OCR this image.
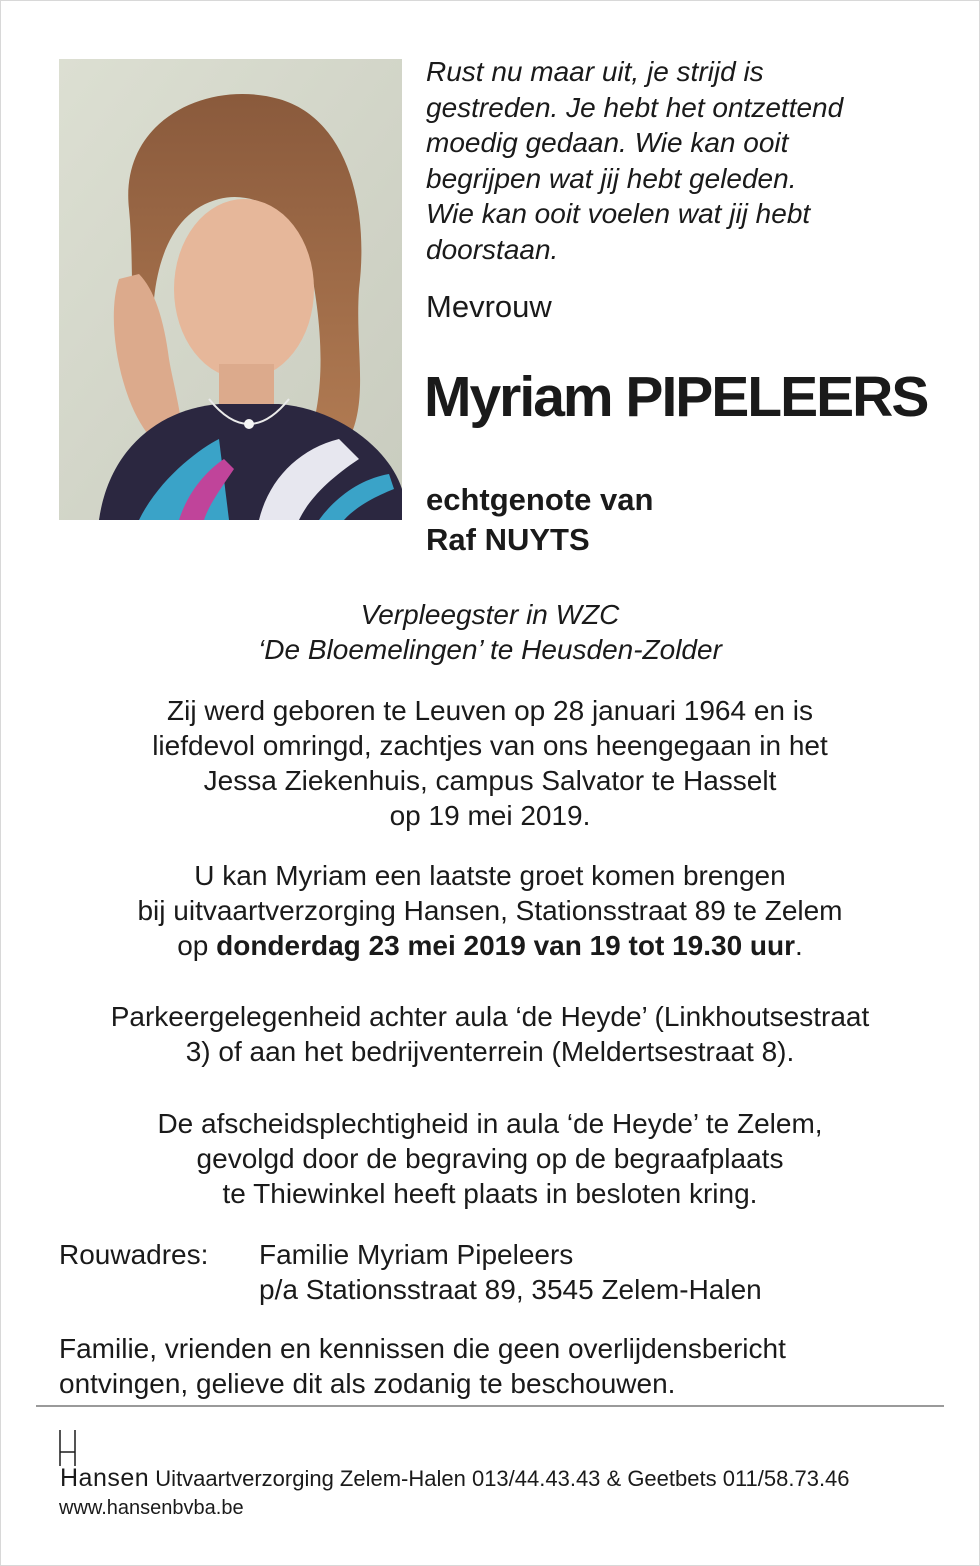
Rust nu maar uit, je strijd is
gestreden. Je hebt het ontzettend
moedig gedaan. Wie kan ooit
begrijpen wat jij hebt geleden.
Wie kan ooit voelen wat jij hebt
doorstaan.
Mevrouw
Myriam PIPELEERS
echtgenote van
Raf NUYTS
Verpleegster in WZC
‘De Bloemelingen’ te Heusden-Zolder
Zij werd geboren te Leuven op 28 januari 1964 en is
liefdevol omringd, zachtjes van ons heengegaan in het
Jessa Ziekenhuis, campus Salvator te Hasselt
op 19 mei 2019.
U kan Myriam een laatste groet komen brengen
bij uitvaartverzorging Hansen, Stationsstraat 89 te Zelem
op donderdag 23 mei 2019 van 19 tot 19.30 uur.
Parkeergelegenheid achter aula ‘de Heyde’ (Linkhoutsestraat
3) of aan het bedrijventerrein (Meldertsestraat 8).
De afscheidsplechtigheid in aula ‘de Heyde’ te Zelem,
gevolgd door de begraving op de begraafplaats
te Thiewinkel heeft plaats in besloten kring.
Rouwadres: Familie Myriam Pipeleers
p/a Stationsstraat 89, 3545 Zelem-Halen
Familie, vrienden en kennissen die geen overlijdensbericht
ontvingen, gelieve dit als zodanig te beschouwen.
Hansen Uitvaartverzorging Zelem-Halen 013/44.43.43 & Geetbets 011/58.73.46
www.hansenbvba.be
